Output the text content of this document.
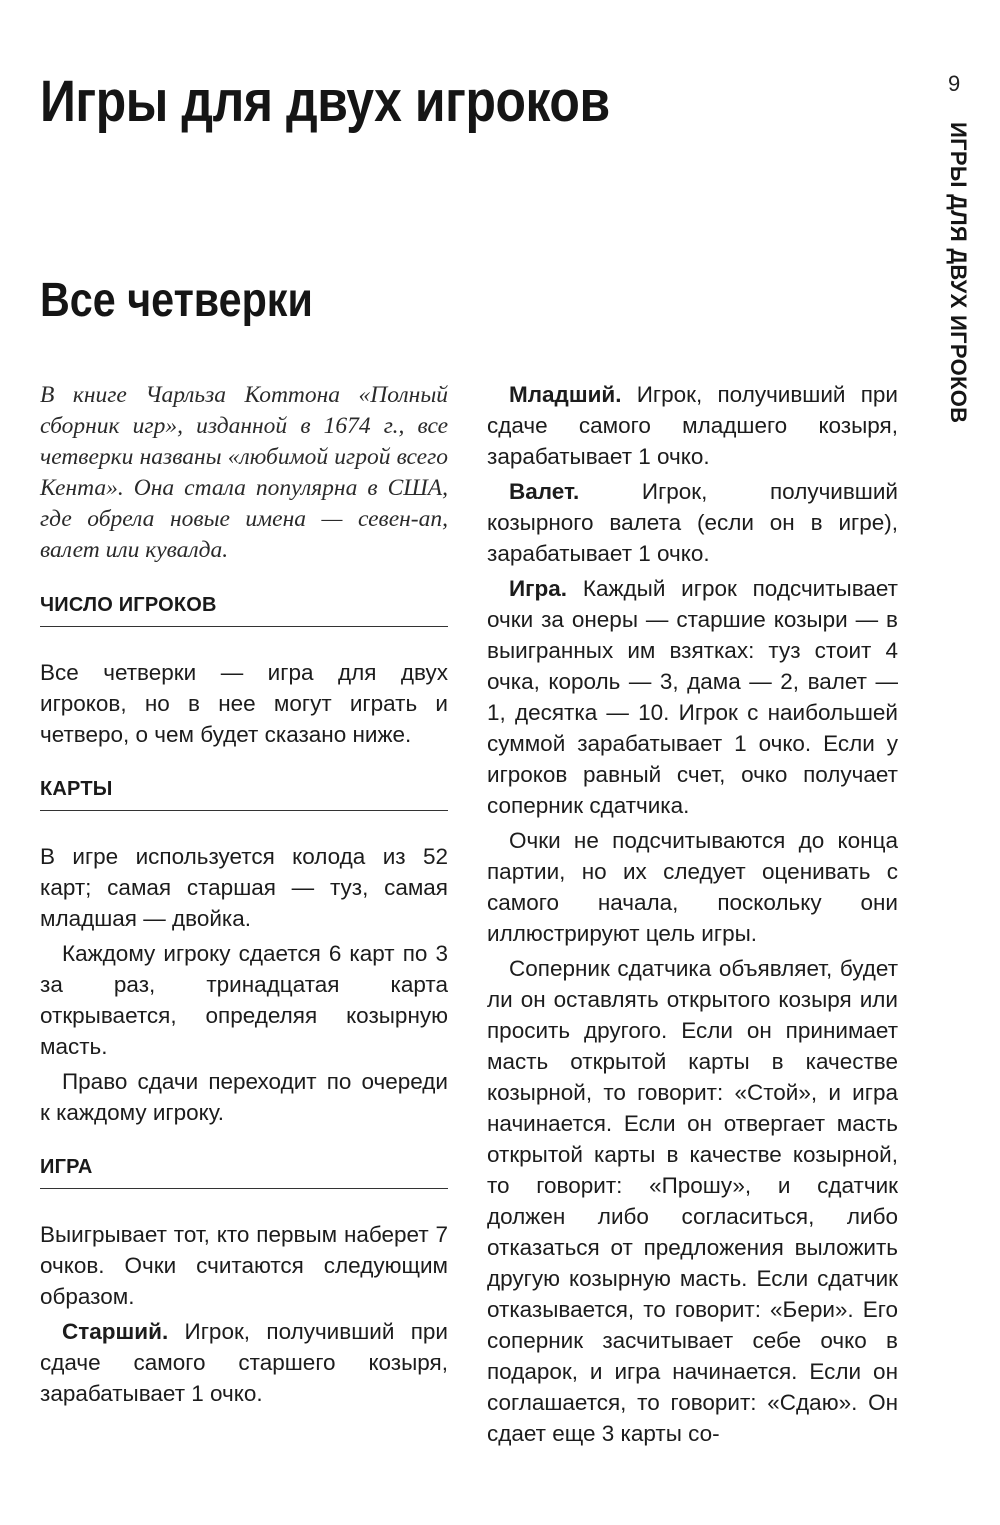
Игры для двух игроков	9
ИГРЫ ДЛЯ ДВУХ ИГРОКОВ
Все четверки

В книге Чарльза Коттона «Полный сборник игр», изданной в 1674 г., все четверки названы «любимой игрой всего Кента». Она стала популярна в США, где обрела новые имена — севен-ап, валет или кувалда.

ЧИСЛО ИГРОКОВ

Все четверки — игра для двух игроков, но в нее могут играть и четверо, о чем будет сказано ниже.

КАРТЫ

В игре используется колода из 52 карт; самая старшая — туз, самая младшая — двойка.

Каждому игроку сдается 6 карт по 3 за раз, тринадцатая карта открывается, определяя козырную масть.

Право сдачи переходит по очереди к каждому игроку.

ИГРА

Выигрывает тот, кто первым наберет 7 очков. Очки считаются следующим образом.

Старший. Игрок, получивший при сдаче самого старшего козыря, зарабатывает 1 очко.

Младший. Игрок, получивший при сдаче самого младшего козыря, зарабатывает 1 очко.

Валет.	Игрок, получивший козырного валета (если он в игре), зарабатывает 1 очко.

Игра. Каждый игрок подсчитывает очки за онеры — старшие козыри — в выигранных им взятках: туз стоит 4 очка, король — 3, дама — 2, валет — 1, десятка — 10. Игрок с наибольшей суммой зарабатывает 1 очко. Если у игроков равный счет, очко получает соперник сдатчика.

Очки не подсчитываются до конца партии, но их следует оценивать с самого начала, поскольку они иллюстрируют цель игры.

Соперник сдатчика объявляет, будет ли он оставлять открытого козыря или просить другого. Если он принимает масть открытой карты в качестве козырной, то говорит: «Стой», и игра начинается. Если он отвергает масть открытой карты в качестве козырной, то говорит: «Прошу», и сдатчик должен либо согласиться, либо отказаться от предложения выложить другую козырную масть. Если сдатчик отказывается, то говорит: «Бери». Его соперник засчитывает себе очко в подарок, и игра начинается. Если он соглашается, то говорит: «Сдаю». Он сдает еще 3 карты со-
